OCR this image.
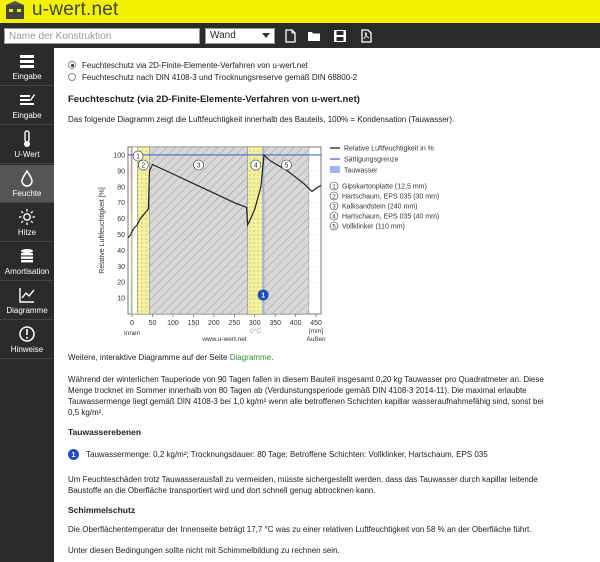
u-wert.net
Name der Konstruktion
Wand
Eingabe
Eingabe
U-Wert
Feuchte
Hitze
Amortisation
Diagramme
Hinweise
Feuchteschutz via 2D-Finite-Elemente-Verfahren von u-wert.net
Feuchteschutz nach DIN 4108-3 und Trocknungsreserve gemäß DIN 68800-2
Feuchteschutz (via 2D-Finite-Elemente-Verfahren von u-wert.net)

Das folgende Diagramm zeigt die Luftfeuchtigkeit innerhalb des Bauteils, 100% = Kondensation (Tauwasser).

Weitere, interaktive Diagramme auf der Seite Diagramme.

Während der winterlichen Tauperiode von 90 Tagen fallen in diesem Bauteil insgesamt 0,20 kg Tauwasser pro Quadratmeter an. Diese
Menge trocknet im Sommer innerhalb von 80 Tagen ab (Verdunstungsperiode gemäß DIN 4108-3 2014-11). Die maximal erlaubte
Tauwassermenge liegt gemäß DIN 4108-3 bei 1,0 kg/m² wenn alle betroffenen Schichten kapillar wasseraufnahmefähig sind, sonst bei
0,5 kg/m².

Tauwasserebenen

1 Tauwassermenge: 0,2 kg/m²; Trocknungsdauer: 80 Tage; Betroffene Schichten: Vollklinker, Hartschaum, EPS 035

Um Feuchteschäden trotz Tauwasserausfall zu vermeiden, müsste sichergestellt werden, dass das Tauwasser durch kapillar leitende
Baustoffe an die Oberfläche transportiert wird und dort schnell genug abtrocknen kann.

Schimmelschutz

Die Oberflächentemperatur der Innenseite beträgt 17,7 °C was zu einer relativen Luftfeuchtigkeit von 58 % an der Oberfläche führt.

Unter diesen Bedingungen sollte nicht mit Schimmelbildung zu rechnen sein.

10
20
30
40
50
60
70
80
90
100
0 50 100 150 200 250 300 350 400 450
Relative Luftfeuchtigkeit [%]
[mm]
Innen
Außen
0°C
www.u-wert.net
1
2	3	4	5
1
Relative Luftfeuchtigkeit in %
Sättigungsgrenze
Tauwasser
1 Gipskartonplatte (12,5 mm)
2 Hartschaum, EPS 035 (30 mm)
3 Kalksandstein (240 mm)
4 Hartschaum, EPS 035 (40 mm)
5 Vollklinker (110 mm)
